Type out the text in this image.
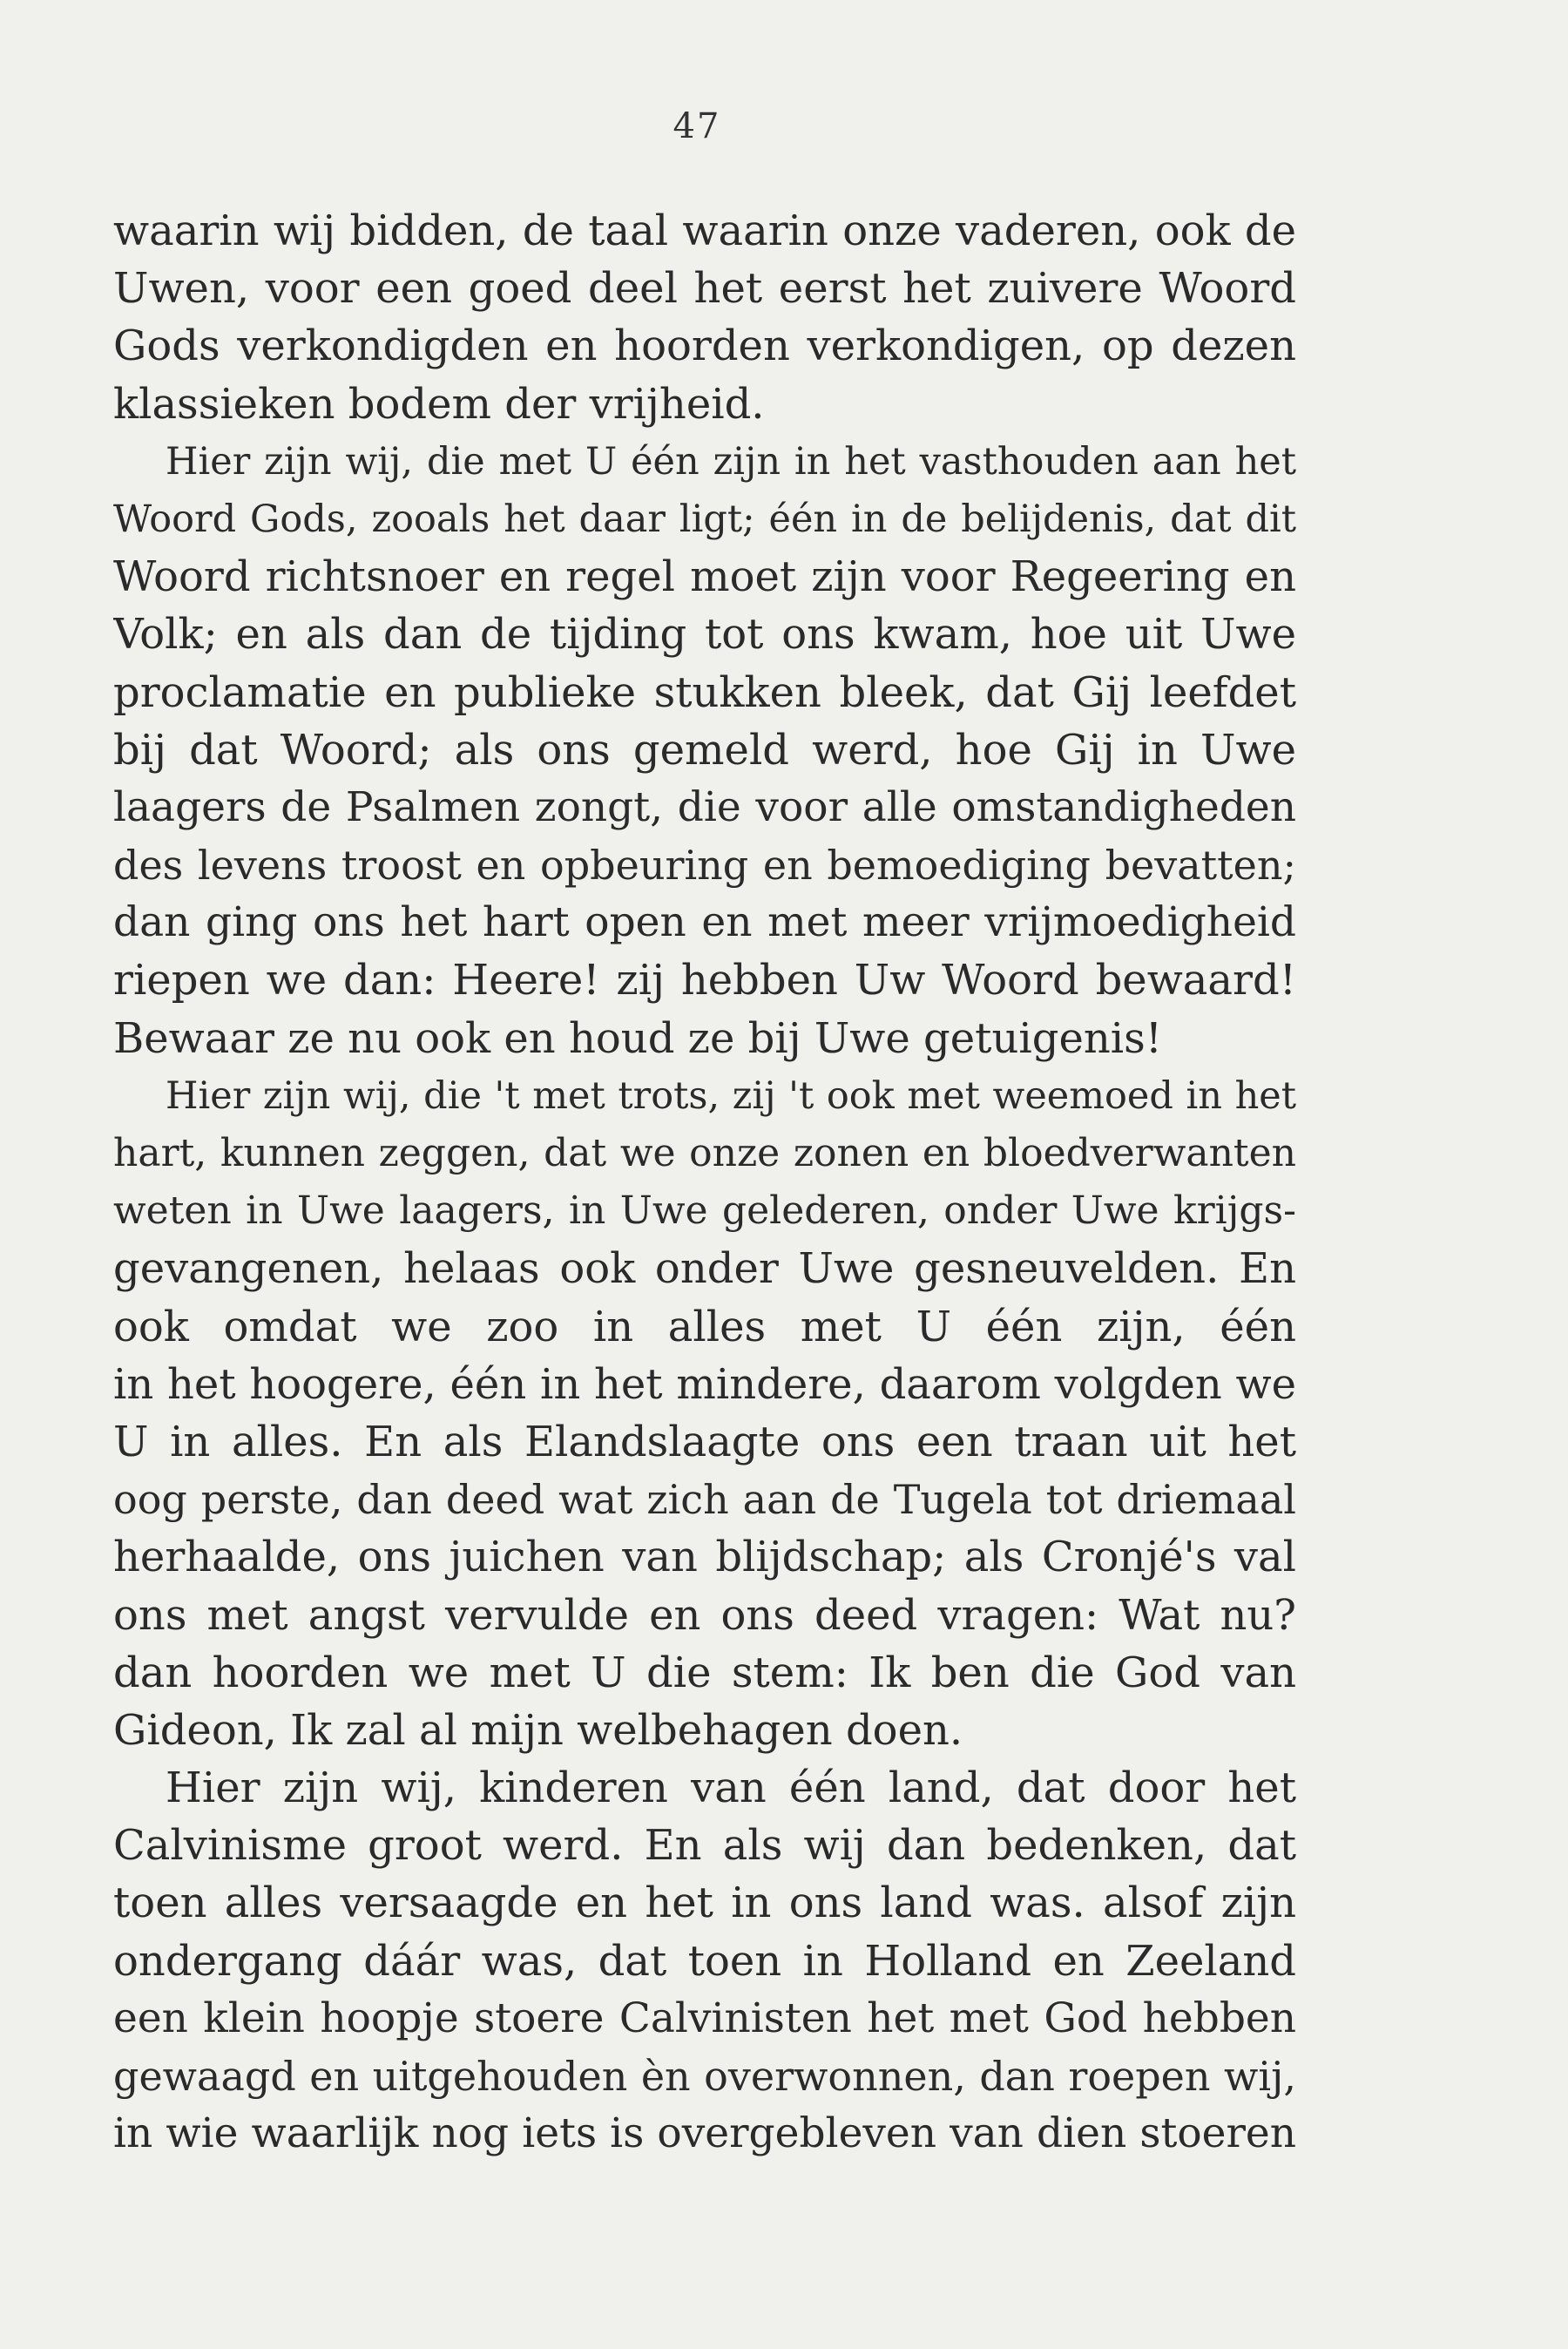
47
waarin wij bidden, de taal waarin onze vaderen, ook de
Uwen, voor een goed deel het eerst het zuivere Woord
Gods verkondigden en hoorden verkondigen, op dezen
klassieken bodem der vrijheid.
Hier zijn wij, die met U één zijn in het vasthouden aan het
Woord Gods, zooals het daar ligt; één in de belijdenis, dat dit
Woord richtsnoer en regel moet zijn voor Regeering en
Volk; en als dan de tijding tot ons kwam, hoe uit Uwe
proclamatie en publieke stukken bleek, dat Gij leefdet
bij dat Woord; als ons gemeld werd, hoe Gij in Uwe
laagers de Psalmen zongt, die voor alle omstandigheden
des levens troost en opbeuring en bemoediging bevatten;
dan ging ons het hart open en met meer vrijmoedigheid
riepen we dan: Heere! zij hebben Uw Woord bewaard!
Bewaar ze nu ook en houd ze bij Uwe getuigenis!
Hier zijn wij, die 't met trots, zij 't ook met weemoed in het
hart, kunnen zeggen, dat we onze zonen en bloedverwanten
weten in Uwe laagers, in Uwe gelederen, onder Uwe krijgs-
gevangenen, helaas ook onder Uwe gesneuvelden. En
ook omdat we zoo in alles met U één zijn, één
in het hoogere, één in het mindere, daarom volgden we
U in alles. En als Elandslaagte ons een traan uit het
oog perste, dan deed wat zich aan de Tugela tot driemaal
herhaalde, ons juichen van blijdschap; als Cronjé's val
ons met angst vervulde en ons deed vragen: Wat nu?
dan hoorden we met U die stem: Ik ben die God van
Gideon, Ik zal al mijn welbehagen doen.
Hier zijn wij, kinderen van één land, dat door het
Calvinisme groot werd. En als wij dan bedenken, dat
toen alles versaagde en het in ons land was. alsof zijn
ondergang dáár was, dat toen in Holland en Zeeland
een klein hoopje stoere Calvinisten het met God hebben
gewaagd en uitgehouden èn overwonnen, dan roepen wij,
in wie waarlijk nog iets is overgebleven van dien stoeren
